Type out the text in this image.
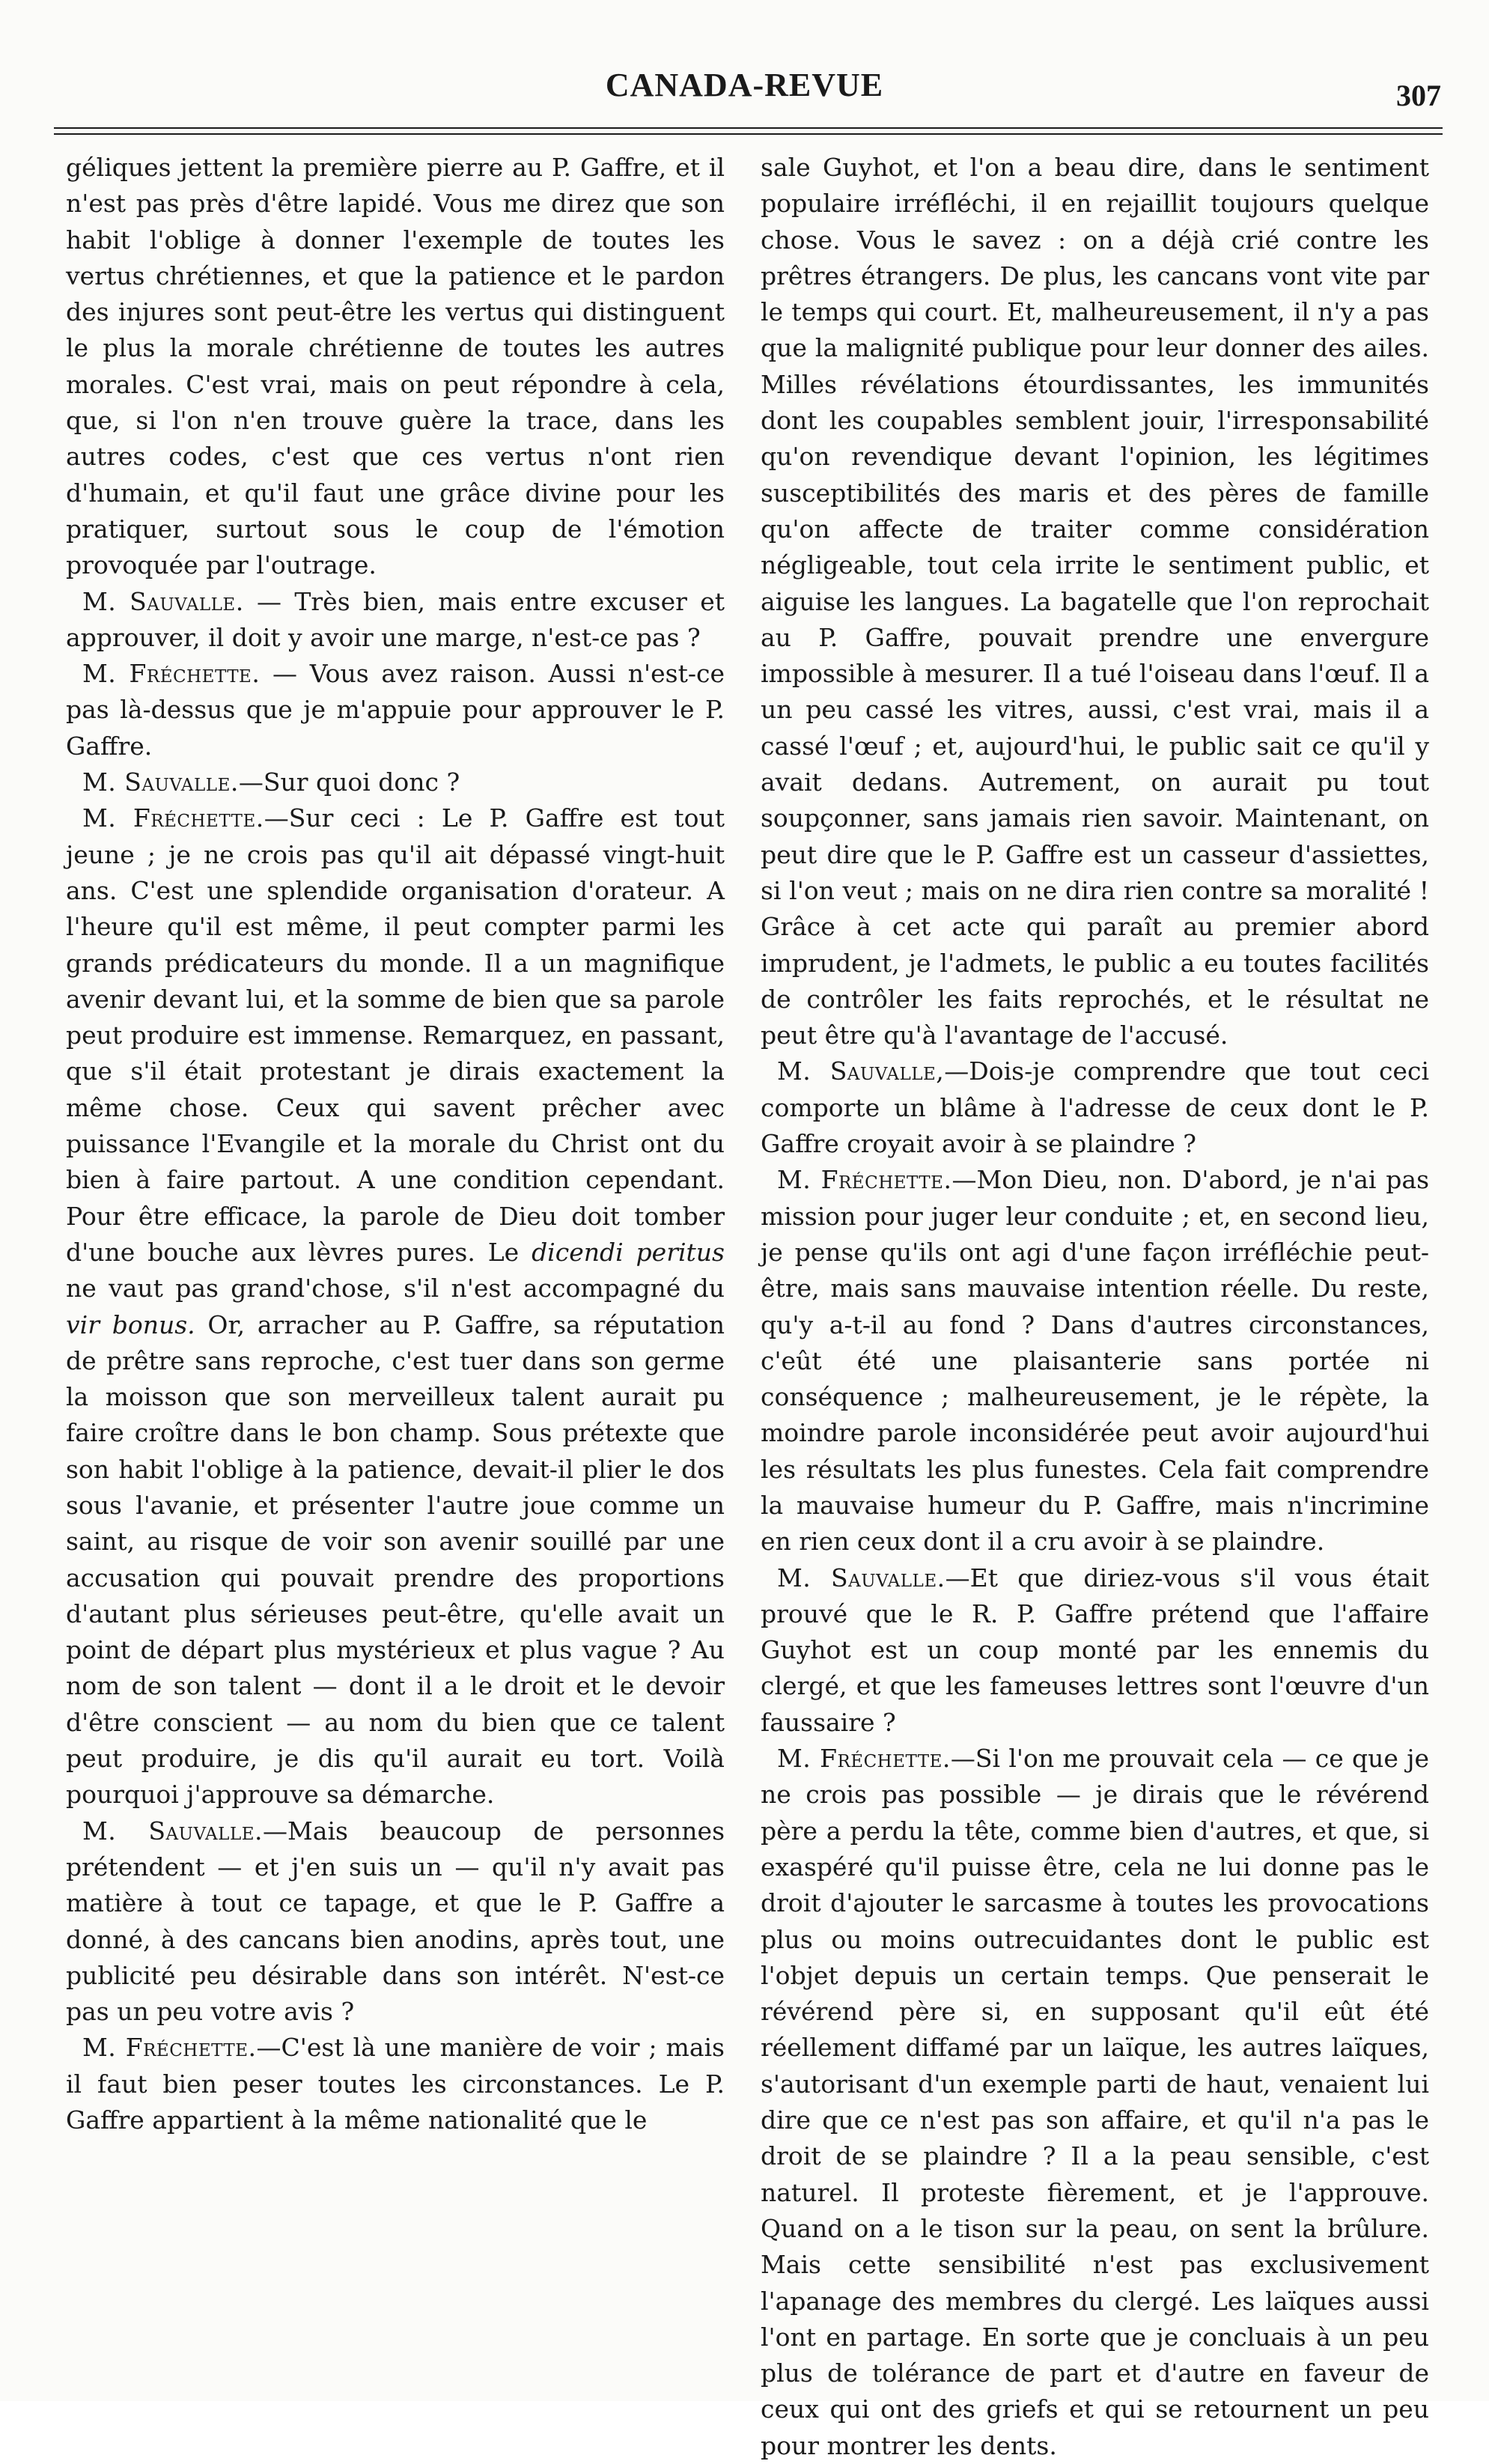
CANADA-REVUE	307

géliques jettent la première pierre au P. Gaffre, et il n'est pas près d'être lapidé. Vous me direz que son habit l'oblige à donner l'exemple de toutes les vertus chrétiennes, et que la patience et le pardon des injures sont peut-être les vertus qui distinguent le plus la morale chrétienne de toutes les autres morales. C'est vrai, mais on peut répondre à cela, que, si l'on n'en trouve guère la trace, dans les autres codes, c'est que ces vertus n'ont rien d'humain, et qu'il faut une grâce divine pour les pratiquer, surtout sous le coup de l'émotion provoquée par l'outrage.

M. Sauvalle. — Très bien, mais entre excuser et approuver, il doit y avoir une marge, n'est-ce pas ?

M. Fréchette. — Vous avez raison. Aussi n'est-ce pas là-dessus que je m'appuie pour approuver le P. Gaffre.

M. Sauvalle.—Sur quoi donc ?

M. Fréchette.—Sur ceci : Le P. Gaffre est tout jeune ; je ne crois pas qu'il ait dépassé vingt-huit ans. C'est une splendide organisation d'orateur. A l'heure qu'il est même, il peut compter parmi les grands prédicateurs du monde. Il a un magnifique avenir devant lui, et la somme de bien que sa parole peut produire est immense. Remarquez, en passant, que s'il était protestant je dirais exactement la même chose. Ceux qui savent prêcher avec puissance l'Evangile et la morale du Christ ont du bien à faire partout. A une condition cependant. Pour être efficace, la parole de Dieu doit tomber d'une bouche aux lèvres pures. Le dicendi peritus ne vaut pas grand'chose, s'il n'est accompagné du vir bonus. Or, arracher au P. Gaffre, sa réputation de prêtre sans reproche, c'est tuer dans son germe la moisson que son merveilleux talent aurait pu faire croître dans le bon champ. Sous prétexte que son habit l'oblige à la patience, devait-il plier le dos sous l'avanie, et présenter l'autre joue comme un saint, au risque de voir son avenir souillé par une accusation qui pouvait prendre des proportions d'autant plus sérieuses peut-être, qu'elle avait un point de départ plus mystérieux et plus vague ? Au nom de son talent — dont il a le droit et le devoir d'être conscient — au nom du bien que ce talent peut produire, je dis qu'il aurait eu tort. Voilà pourquoi j'approuve sa démarche.

M. Sauvalle.—Mais beaucoup de personnes prétendent — et j'en suis un — qu'il n'y avait pas matière à tout ce tapage, et que le P. Gaffre a donné, à des cancans bien anodins, après tout, une publicité peu désirable dans son intérêt. N'est-ce pas un peu votre avis ?

M. Fréchette.—C'est là une manière de voir ; mais il faut bien peser toutes les circonstances. Le P. Gaffre appartient à la même nationalité que le

sale Guyhot, et l'on a beau dire, dans le sentiment populaire irréfléchi, il en rejaillit toujours quelque chose. Vous le savez : on a déjà crié contre les prêtres étrangers. De plus, les cancans vont vite par le temps qui court. Et, malheureusement, il n'y a pas que la malignité publique pour leur donner des ailes. Milles révélations étourdissantes, les immunités dont les coupables semblent jouir, l'irresponsabilité qu'on revendique devant l'opinion, les légitimes susceptibilités des maris et des pères de famille qu'on affecte de traiter comme considération négligeable, tout cela irrite le sentiment public, et aiguise les langues. La bagatelle que l'on reprochait au P. Gaffre, pouvait prendre une envergure impossible à mesurer. Il a tué l'oiseau dans l'œuf. Il a un peu cassé les vitres, aussi, c'est vrai, mais il a cassé l'œuf ; et, aujourd'hui, le public sait ce qu'il y avait dedans. Autrement, on aurait pu tout soupçonner, sans jamais rien savoir. Maintenant, on peut dire que le P. Gaffre est un casseur d'assiettes, si l'on veut ; mais on ne dira rien contre sa moralité ! Grâce à cet acte qui paraît au premier abord imprudent, je l'admets, le public a eu toutes facilités de contrôler les faits reprochés, et le résultat ne peut être qu'à l'avantage de l'accusé.

M. Sauvalle,—Dois-je comprendre que tout ceci comporte un blâme à l'adresse de ceux dont le P. Gaffre croyait avoir à se plaindre ?

M. Fréchette.—Mon Dieu, non. D'abord, je n'ai pas mission pour juger leur conduite ; et, en second lieu, je pense qu'ils ont agi d'une façon irréfléchie peut-être, mais sans mauvaise intention réelle. Du reste, qu'y a-t-il au fond ? Dans d'autres circonstances, c'eût été une plaisanterie sans portée ni conséquence ; malheureusement, je le répète, la moindre parole inconsidérée peut avoir aujourd'hui les résultats les plus funestes. Cela fait comprendre la mauvaise humeur du P. Gaffre, mais n'incrimine en rien ceux dont il a cru avoir à se plaindre.

M. Sauvalle.—Et que diriez-vous s'il vous était prouvé que le R. P. Gaffre prétend que l'affaire Guyhot est un coup monté par les ennemis du clergé, et que les fameuses lettres sont l'œuvre d'un faussaire ?

M. Fréchette.—Si l'on me prouvait cela — ce que je ne crois pas possible — je dirais que le révérend père a perdu la tête, comme bien d'autres, et que, si exaspéré qu'il puisse être, cela ne lui donne pas le droit d'ajouter le sarcasme à toutes les provocations plus ou moins outrecuidantes dont le public est l'objet depuis un certain temps. Que penserait le révérend père si, en supposant qu'il eût été réellement diffamé par un laïque, les autres laïques, s'autorisant d'un exemple parti de haut, venaient lui dire que ce n'est pas son affaire, et qu'il n'a pas le droit de se plaindre ? Il a la peau sensible, c'est naturel. Il proteste fièrement, et je l'approuve. Quand on a le tison sur la peau, on sent la brûlure. Mais cette sensibilité n'est pas exclusivement l'apanage des membres du clergé. Les laïques aussi l'ont en partage. En sorte que je concluais à un peu plus de tolérance de part et d'autre en faveur de ceux qui ont des griefs et qui se retournent un peu pour montrer les dents.
